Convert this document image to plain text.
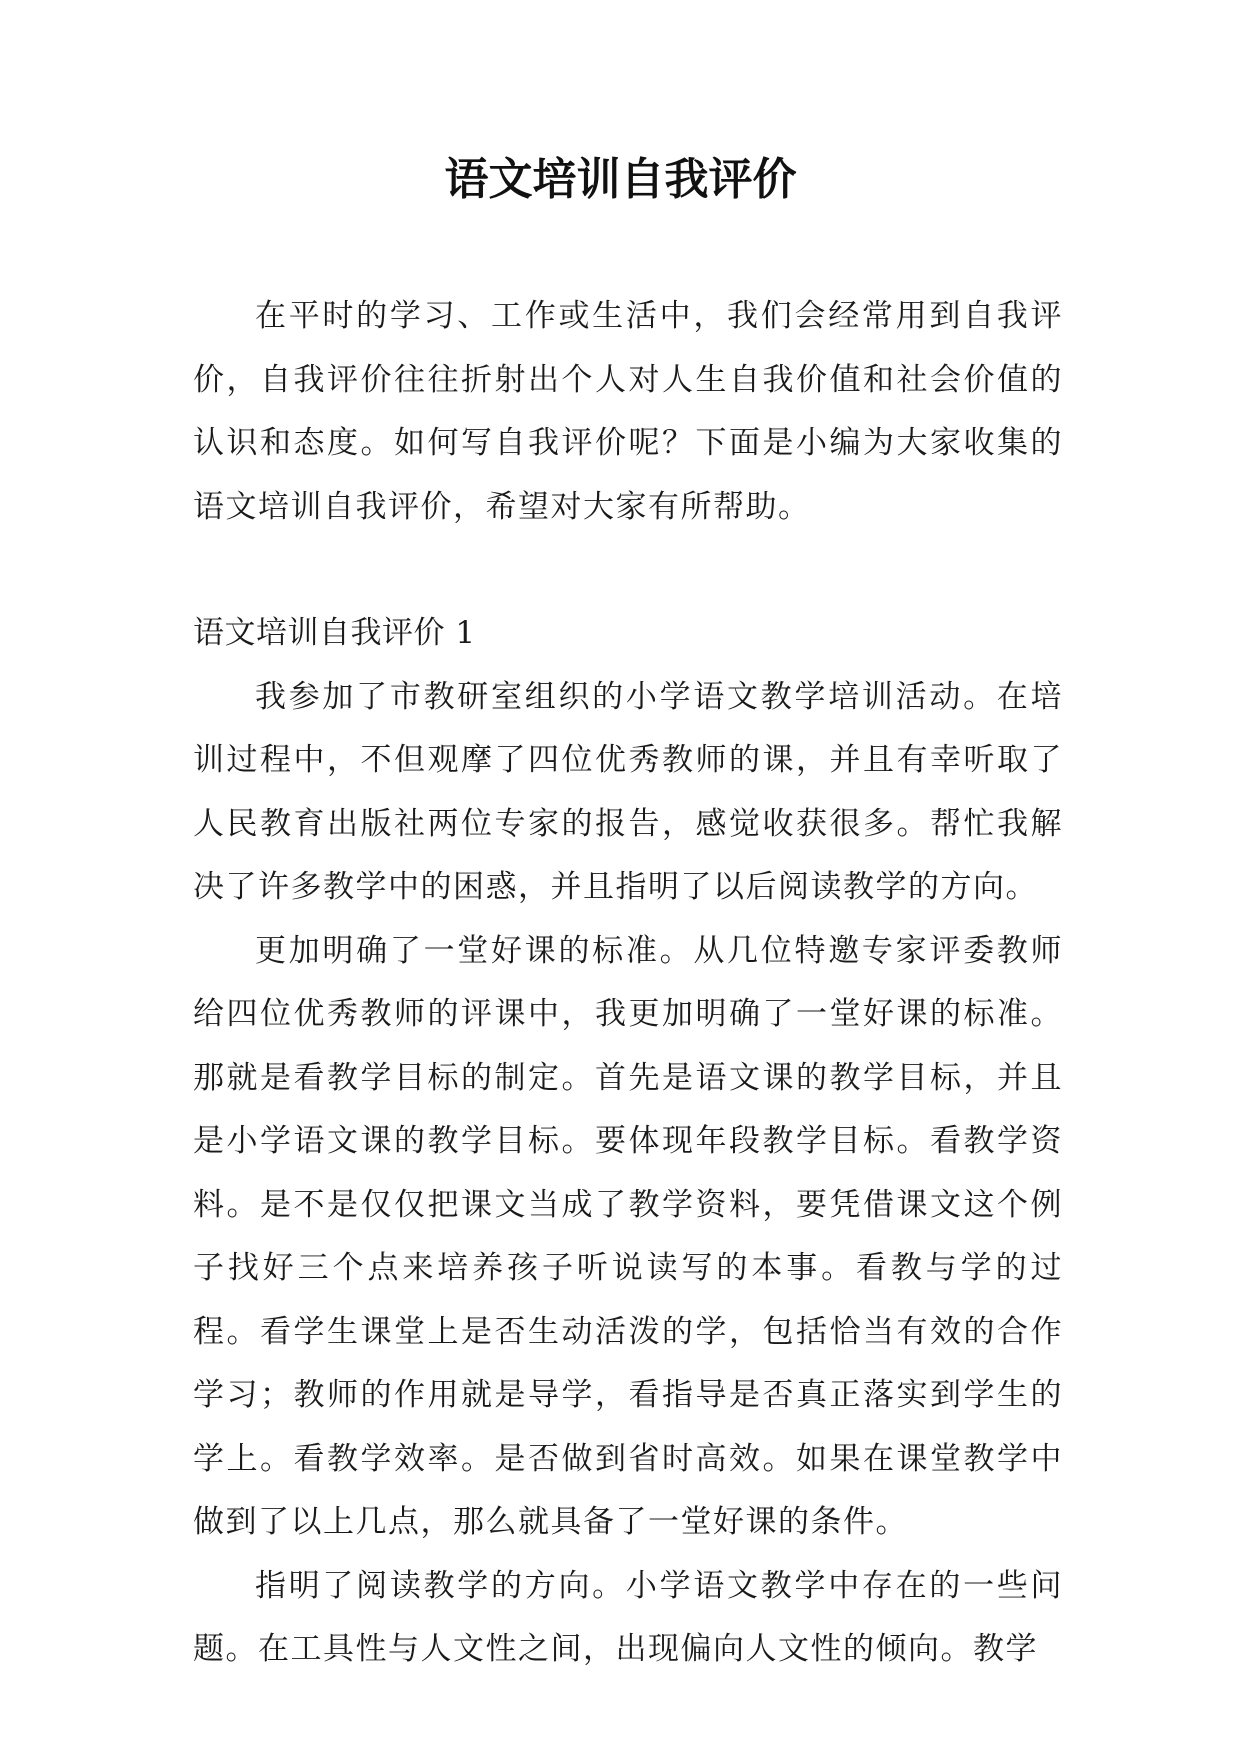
语文培训自我评价

在平时的学习、工作或生活中，我们会经常用到自我评价，自我评价往往折射出个人对人生自我价值和社会价值的认识和态度。如何写自我评价呢？下面是小编为大家收集的语文培训自我评价，希望对大家有所帮助。

语文培训自我评价 1

我参加了市教研室组织的小学语文教学培训活动。在培训过程中，不但观摩了四位优秀教师的课，并且有幸听取了人民教育出版社两位专家的报告，感觉收获很多。帮忙我解决了许多教学中的困惑，并且指明了以后阅读教学的方向。

更加明确了一堂好课的标准。从几位特邀专家评委教师给四位优秀教师的评课中，我更加明确了一堂好课的标准。那就是看教学目标的制定。首先是语文课的教学目标，并且是小学语文课的教学目标。要体现年段教学目标。看教学资料。是不是仅仅把课文当成了教学资料，要凭借课文这个例子找好三个点来培养孩子听说读写的本事。看教与学的过程。看学生课堂上是否生动活泼的学，包括恰当有效的合作学习；教师的作用就是导学，看指导是否真正落实到学生的学上。看教学效率。是否做到省时高效。如果在课堂教学中做到了以上几点，那么就具备了一堂好课的条件。

指明了阅读教学的方向。小学语文教学中存在的一些问题。在工具性与人文性之间，出现偏向人文性的倾向。教学
